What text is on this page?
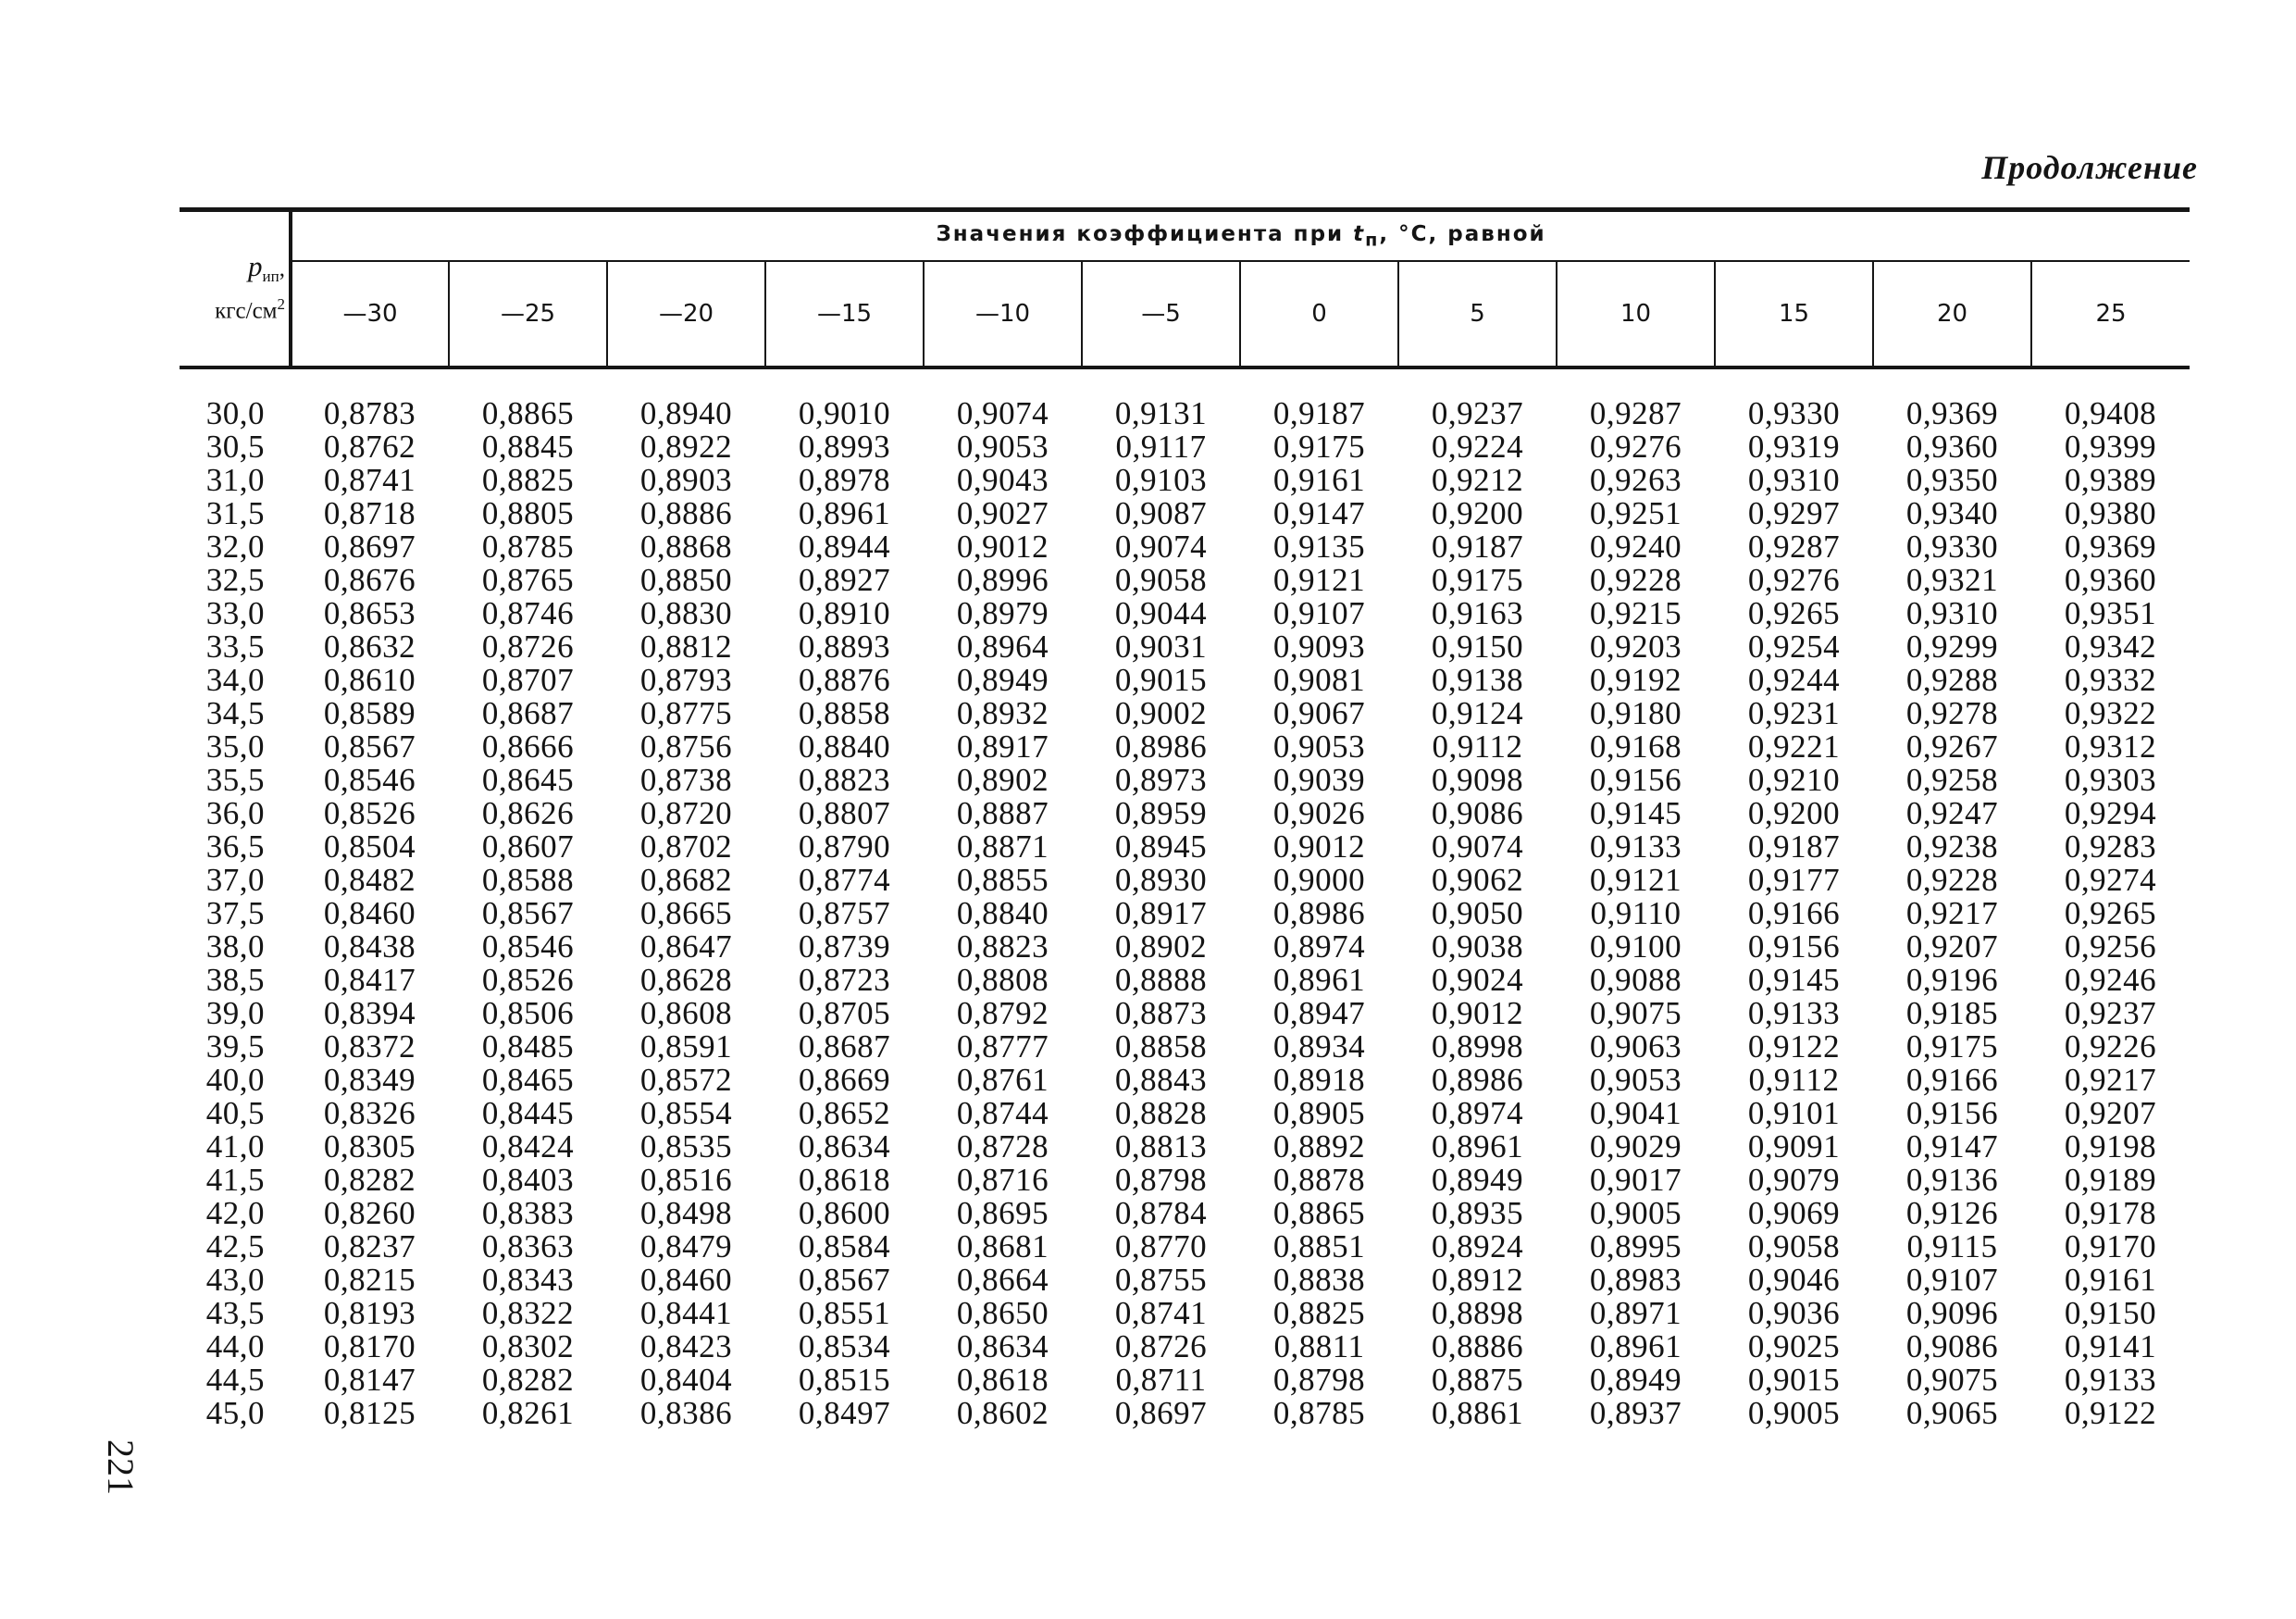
Продолжение
221
$p_{ип}$,
кгс/$см^2$	Значения коэффициента при $t_п$, °С, равной											
	—30	—25	—20	—15	—10	—5	0	5	10	15	20	25

30,0	0,8783	0,8865	0,8940	0,9010	0,9074	0,9131	0,9187	0,9237	0,9287	0,9330	0,9369	0,9408
30,5	0,8762	0,8845	0,8922	0,8993	0,9053	0,9117	0,9175	0,9224	0,9276	0,9319	0,9360	0,9399
31,0	0,8741	0,8825	0,8903	0,8978	0,9043	0,9103	0,9161	0,9212	0,9263	0,9310	0,9350	0,9389
31,5	0,8718	0,8805	0,8886	0,8961	0,9027	0,9087	0,9147	0,9200	0,9251	0,9297	0,9340	0,9380
32,0	0,8697	0,8785	0,8868	0,8944	0,9012	0,9074	0,9135	0,9187	0,9240	0,9287	0,9330	0,9369
32,5	0,8676	0,8765	0,8850	0,8927	0,8996	0,9058	0,9121	0,9175	0,9228	0,9276	0,9321	0,9360
33,0	0,8653	0,8746	0,8830	0,8910	0,8979	0,9044	0,9107	0,9163	0,9215	0,9265	0,9310	0,9351
33,5	0,8632	0,8726	0,8812	0,8893	0,8964	0,9031	0,9093	0,9150	0,9203	0,9254	0,9299	0,9342
34,0	0,8610	0,8707	0,8793	0,8876	0,8949	0,9015	0,9081	0,9138	0,9192	0,9244	0,9288	0,9332
34,5	0,8589	0,8687	0,8775	0,8858	0,8932	0,9002	0,9067	0,9124	0,9180	0,9231	0,9278	0,9322
35,0	0,8567	0,8666	0,8756	0,8840	0,8917	0,8986	0,9053	0,9112	0,9168	0,9221	0,9267	0,9312
35,5	0,8546	0,8645	0,8738	0,8823	0,8902	0,8973	0,9039	0,9098	0,9156	0,9210	0,9258	0,9303
36,0	0,8526	0,8626	0,8720	0,8807	0,8887	0,8959	0,9026	0,9086	0,9145	0,9200	0,9247	0,9294
36,5	0,8504	0,8607	0,8702	0,8790	0,8871	0,8945	0,9012	0,9074	0,9133	0,9187	0,9238	0,9283
37,0	0,8482	0,8588	0,8682	0,8774	0,8855	0,8930	0,9000	0,9062	0,9121	0,9177	0,9228	0,9274
37,5	0,8460	0,8567	0,8665	0,8757	0,8840	0,8917	0,8986	0,9050	0,9110	0,9166	0,9217	0,9265
38,0	0,8438	0,8546	0,8647	0,8739	0,8823	0,8902	0,8974	0,9038	0,9100	0,9156	0,9207	0,9256
38,5	0,8417	0,8526	0,8628	0,8723	0,8808	0,8888	0,8961	0,9024	0,9088	0,9145	0,9196	0,9246
39,0	0,8394	0,8506	0,8608	0,8705	0,8792	0,8873	0,8947	0,9012	0,9075	0,9133	0,9185	0,9237
39,5	0,8372	0,8485	0,8591	0,8687	0,8777	0,8858	0,8934	0,8998	0,9063	0,9122	0,9175	0,9226
40,0	0,8349	0,8465	0,8572	0,8669	0,8761	0,8843	0,8918	0,8986	0,9053	0,9112	0,9166	0,9217
40,5	0,8326	0,8445	0,8554	0,8652	0,8744	0,8828	0,8905	0,8974	0,9041	0,9101	0,9156	0,9207
41,0	0,8305	0,8424	0,8535	0,8634	0,8728	0,8813	0,8892	0,8961	0,9029	0,9091	0,9147	0,9198
41,5	0,8282	0,8403	0,8516	0,8618	0,8716	0,8798	0,8878	0,8949	0,9017	0,9079	0,9136	0,9189
42,0	0,8260	0,8383	0,8498	0,8600	0,8695	0,8784	0,8865	0,8935	0,9005	0,9069	0,9126	0,9178
42,5	0,8237	0,8363	0,8479	0,8584	0,8681	0,8770	0,8851	0,8924	0,8995	0,9058	0,9115	0,9170
43,0	0,8215	0,8343	0,8460	0,8567	0,8664	0,8755	0,8838	0,8912	0,8983	0,9046	0,9107	0,9161
43,5	0,8193	0,8322	0,8441	0,8551	0,8650	0,8741	0,8825	0,8898	0,8971	0,9036	0,9096	0,9150
44,0	0,8170	0,8302	0,8423	0,8534	0,8634	0,8726	0,8811	0,8886	0,8961	0,9025	0,9086	0,9141
44,5	0,8147	0,8282	0,8404	0,8515	0,8618	0,8711	0,8798	0,8875	0,8949	0,9015	0,9075	0,9133
45,0	0,8125	0,8261	0,8386	0,8497	0,8602	0,8697	0,8785	0,8861	0,8937	0,9005	0,9065	0,9122
